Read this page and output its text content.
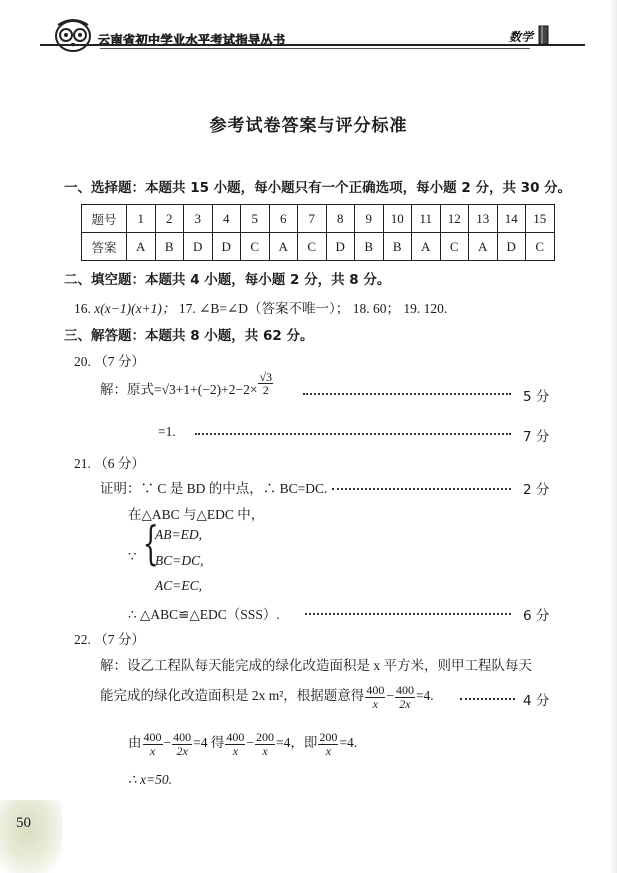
云南省初中学业水平考试指导丛书	数学
参考试卷答案与评分标准
一、选择题：本题共 15 小题，每小题只有一个正确选项，每小题 2 分，共 30 分。
题号	1	2	3	4	5	6	7	8	9	10	11	12	13	14	15
答案	A	B	D	D	C	A	C	D	B	B	A	C	A	D	C
二、填空题：本题共 4 小题，每小题 2 分，共 8 分。
16. x(x−1)(x+1)； 17. ∠B=∠D（答案不唯一）； 18. 60； 19. 120.
三、解答题：本题共 8 小题，共 62 分。
20. （7 分）
解：原式$=√3+1+(-2)+2-2\times \frac{√3}{2}$	5 分
=1.	7 分
21. （6 分）
证明：∵ C 是 BD 的中点，∴ BC=DC.	2 分
在△ABC 与△EDC 中，
∵ {
AB=ED,
BC=DC,
AC=EC,
∴ △ABC≌△EDC（SSS）.	6 分
22. （7 分）
解：设乙工程队每天能完成的绿化改造面积是 x 平方米，则甲工程队每天
能完成的绿化改造面积是 2x m²，根据题意得 $\frac{400}{x} - \frac{400}{2x} =4$.	4 分
由 $\frac{400}{x} - \frac{400}{2x} =4$ 得 $\frac{400}{x} - \frac{200}{x} =4$，即 $\frac{200}{x} =4$.
∴ x=50.
50
